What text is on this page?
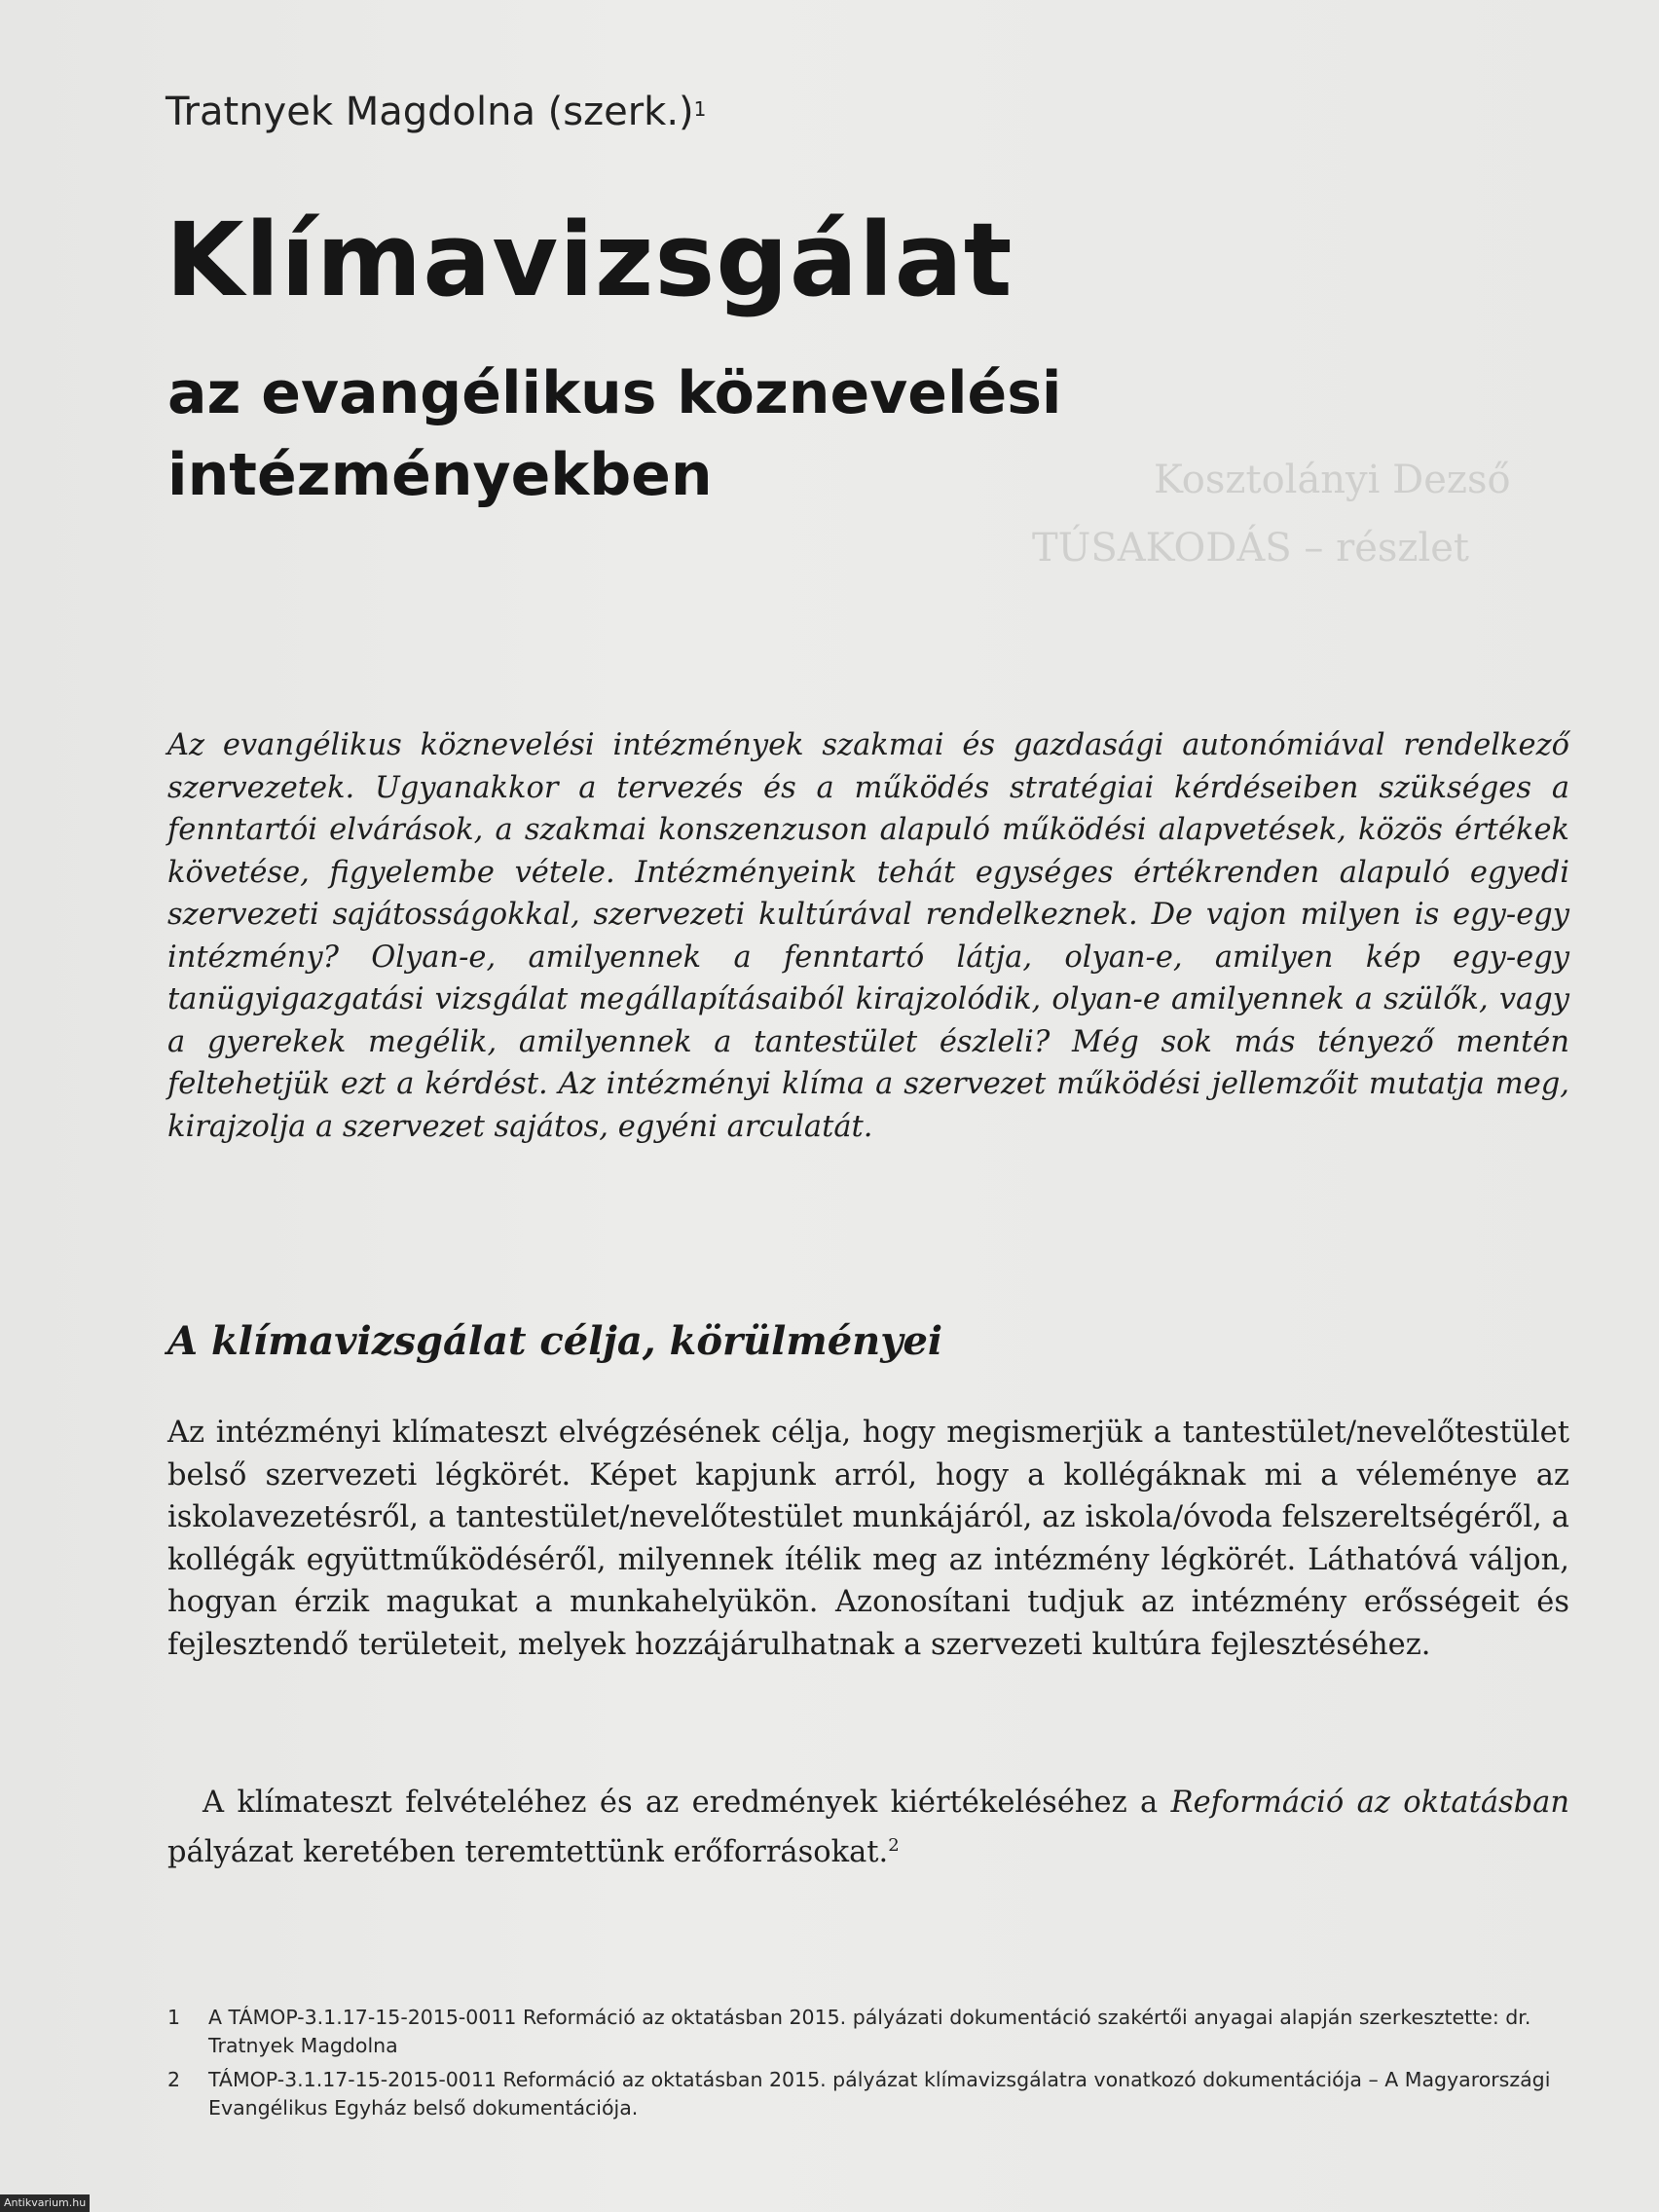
Kosztolányi Dezső
TÚSAKODÁS – részlet
Tratnyek Magdolna (szerk.)$^1$
Klímavizsgálat
az evangélikus köznevelési intézményekben

Az evangélikus köznevelési intézmények szakmai és gazdasági autonómiával rendelkező szervezetek. Ugyanakkor a tervezés és a működés stratégiai kérdéseiben szükséges a fenntartói elvárások, a szakmai konszenzuson alapuló működési alapvetések, közös értékek követése, figyelembe vétele. Intézményeink tehát egységes értékrenden alapuló egyedi szervezeti sajátosságokkal, szervezeti kultúrával rendelkeznek. De vajon milyen is egy-egy intézmény? Olyan-e, amilyennek a fenntartó látja, olyan-e, amilyen kép egy-egy tanügyigazgatási vizsgálat megállapításaiból kirajzolódik, olyan-e amilyennek a szülők, vagy a gyerekek megélik, amilyennek a tantestület észleli? Még sok más tényező mentén feltehetjük ezt a kérdést. Az intézményi klíma a szervezet működési jellemzőit mutatja meg, kirajzolja a szervezet sajátos, egyéni arculatát.

A klímavizsgálat célja, körülményei

Az intézményi klímateszt elvégzésének célja, hogy megismerjük a tantestület/nevelőtestület belső szervezeti légkörét. Képet kapjunk arról, hogy a kollégáknak mi a véleménye az iskolavezetésről, a tantestület/nevelőtestület munkájáról, az iskola/óvoda felszereltségéről, a kollégák együttműködéséről, milyennek ítélik meg az intézmény légkörét. Láthatóvá váljon, hogyan érzik magukat a munkahelyükön. Azonosítani tudjuk az intézmény erősségeit és fejlesztendő területeit, melyek hozzájárulhatnak a szervezeti kultúra fejlesztéséhez.

A klímateszt felvételéhez és az eredmények kiértékeléséhez a Reformáció az oktatásban pályázat keretében teremtettünk erőforrásokat.$^2$

1	A TÁMOP-3.1.17-15-2015-0011 Reformáció az oktatásban 2015. pályázati dokumentáció szakértői anyagai alapján szerkesztette: dr. Tratnyek Magdolna
2	TÁMOP-3.1.17-15-2015-0011 Reformáció az oktatásban 2015. pályázat klímavizsgálatra vonatkozó dokumentációja – A Magyarországi Evangélikus Egyház belső dokumentációja.
Antikvarium.hu
